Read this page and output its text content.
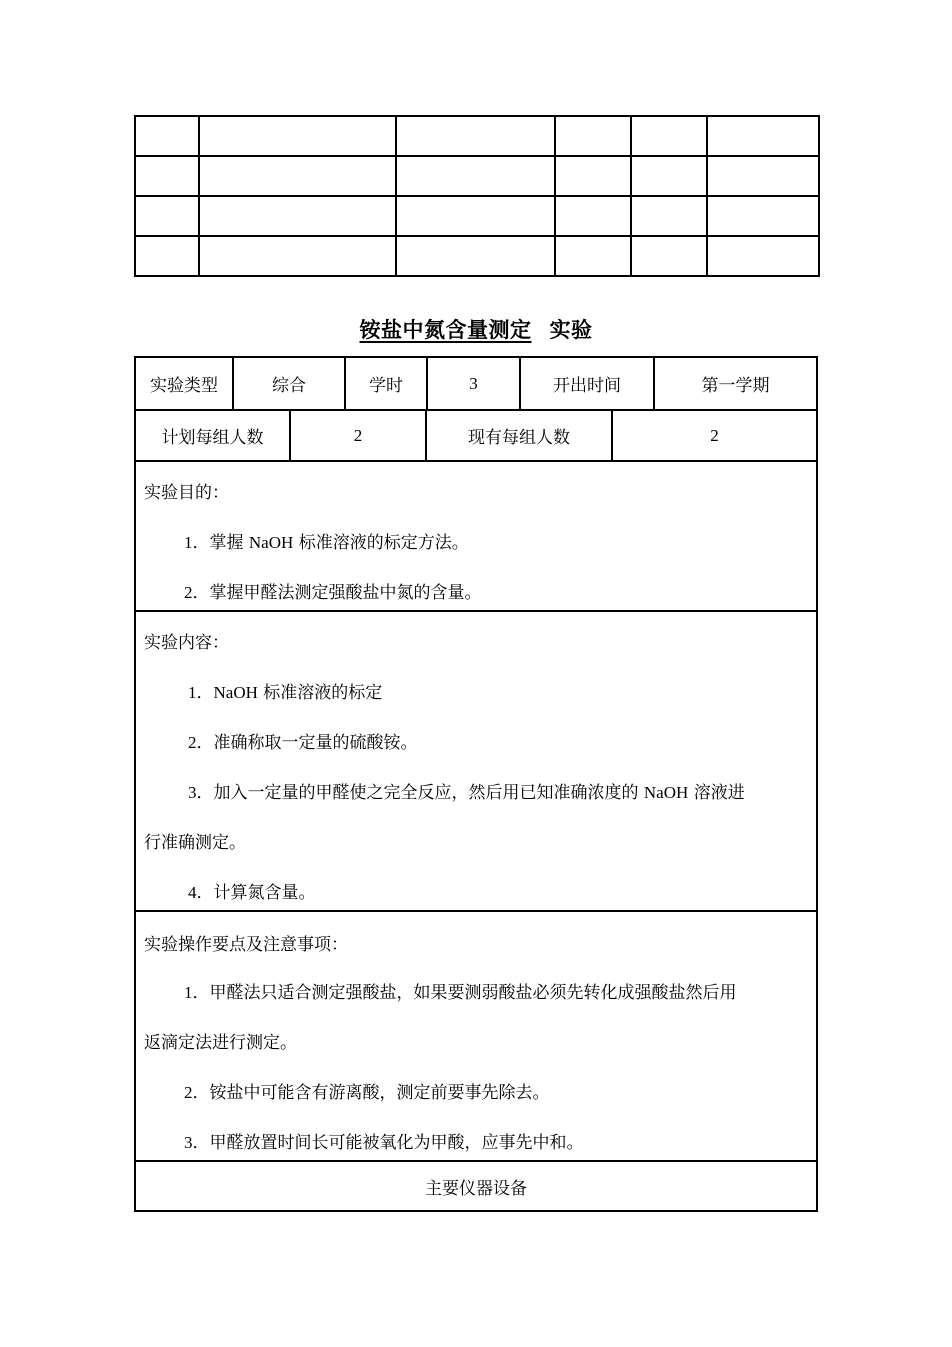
铵盐中氮含量测定 实验
实验类型	综合	学时	3	开出时间	第一学期
计划每组人数	2	现有每组人数	2
实验目的：
1．掌握 NaOH 标准溶液的标定方法。
2．掌握甲醛法测定强酸盐中氮的含量。
实验内容：
1．NaOH 标准溶液的标定
2．准确称取一定量的硫酸铵。
3．加入一定量的甲醛使之完全反应，然后用已知准确浓度的 NaOH 溶液进
行准确测定。
4．计算氮含量。
实验操作要点及注意事项：
1．甲醛法只适合测定强酸盐，如果要测弱酸盐必须先转化成强酸盐然后用
返滴定法进行测定。
2．铵盐中可能含有游离酸，测定前要事先除去。
3．甲醛放置时间长可能被氧化为甲酸，应事先中和。
主要仪器设备
